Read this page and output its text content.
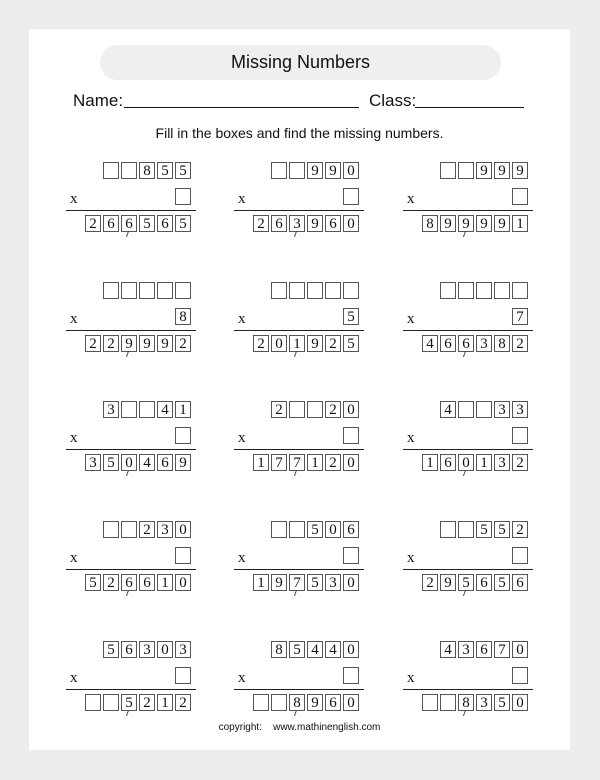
Missing Numbers
Name:	Class:
Fill in the boxes and find the missing numbers.
8 5 5
x
2 6 6 5 6 5
9 9 0
x
2 6 3 9 6 0
9 9 9
x
8 9 9 9 9 1
x	8
2 2 9 9 9 2
x	5
2 0 1 9 2 5
x	7
4 6 6 3 8 2
3	4 1
x
3 5 0 4 6 9
2	2 0
x
1 7 7 1 2 0
4	3 3
x
1 6 0 1 3 2
2 3 0
x
5 2 6 6 1 0
5 0 6
x
1 9 7 5 3 0
5 5 2
x
2 9 5 6 5 6
5 6 3 0 3
x
5 2 1 2
8 5 4 4 0
x
8 9 6 0
4 3 6 7 0
x
8 3 5 0
copyright: www.mathinenglish.com
